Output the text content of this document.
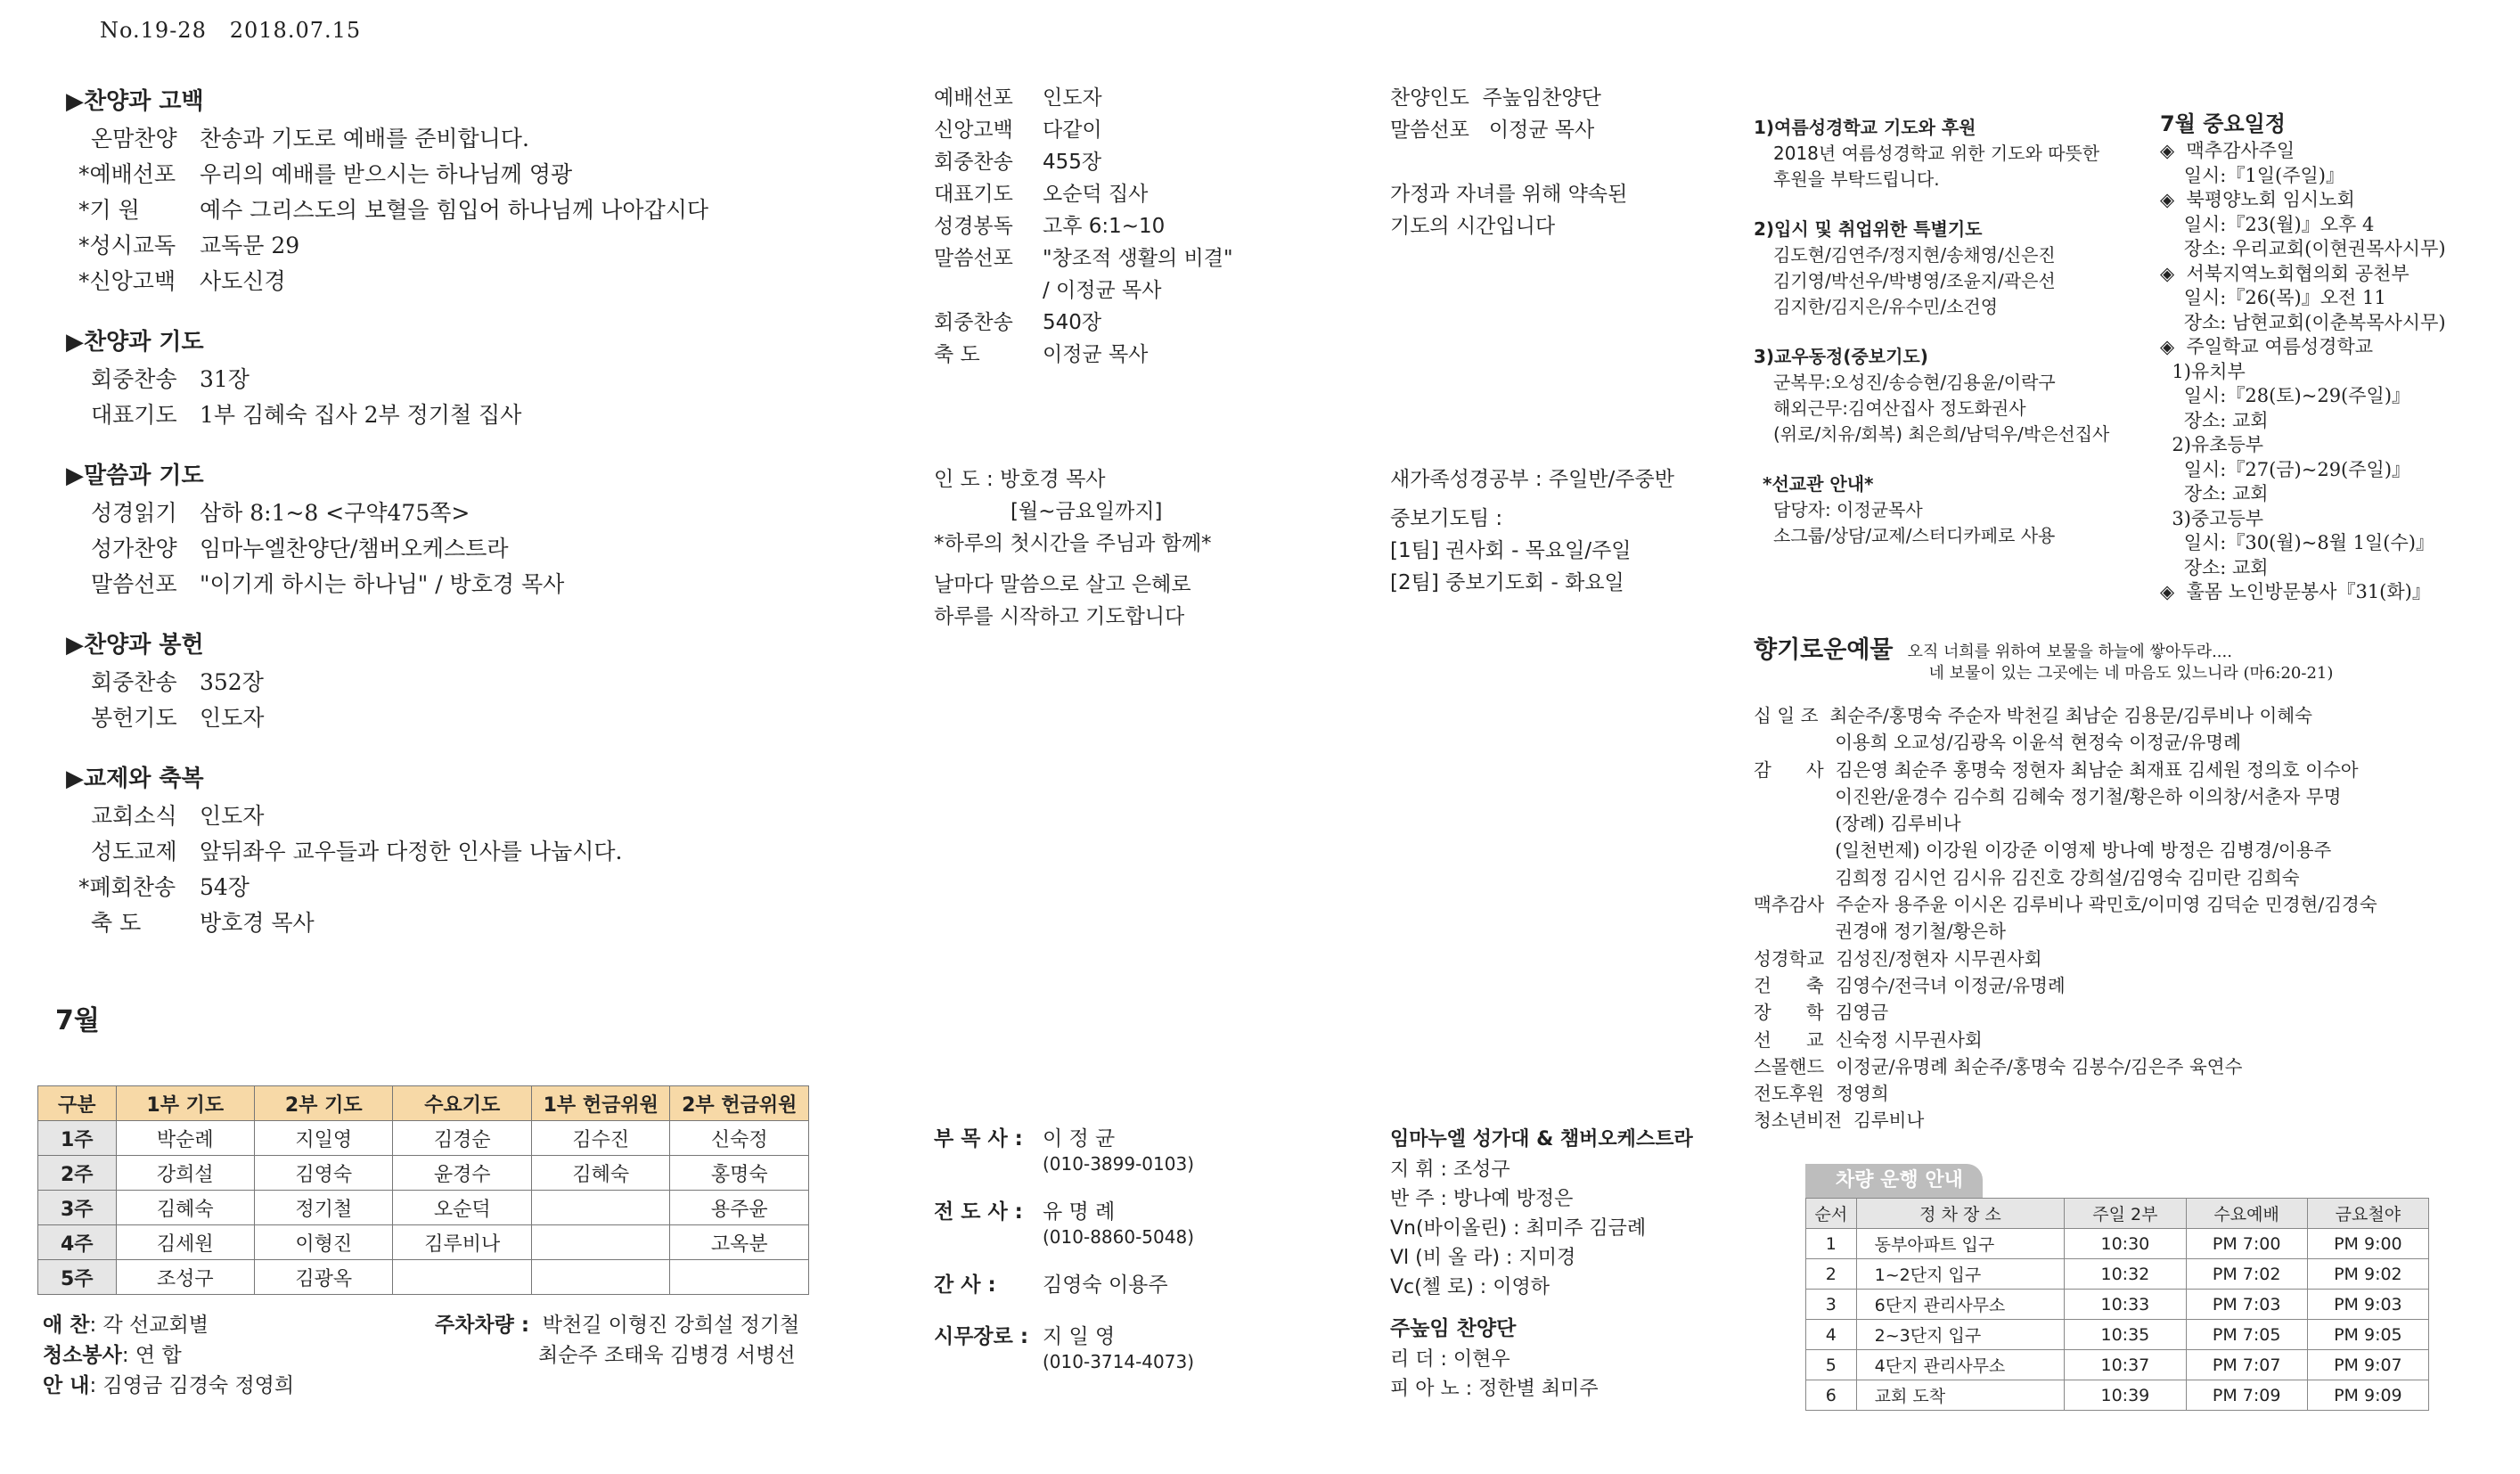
No.19-28 2018.07.15
▶찬양과 고백
온맘찬양	찬송과 기도로 예배를 준비합니다.
*예배선포	우리의 예배를 받으시는 하나님께 영광
*기 원	예수 그리스도의 보혈을 힘입어 하나님께 나아갑시다
*성시교독	교독문 29
*신앙고백	사도신경
▶찬양과 기도
회중찬송	31장
대표기도	1부 김혜숙 집사 2부 정기철 집사
▶말씀과 기도
성경읽기	삼하 8:1~8 <구약475쪽>
성가찬양	임마누엘찬양단/챔버오케스트라
말씀선포	"이기게 하시는 하나님" / 방호경 목사
▶찬양과 봉헌
회중찬송	352장
봉헌기도	인도자
▶교제와 축복
교회소식	인도자
성도교제	앞뒤좌우 교우들과 다정한 인사를 나눕시다.
*폐회찬송	54장
축 도	방호경 목사
7월
구분	1부 기도	2부 기도	수요기도	1부 헌금위원	2부 헌금위원
1주	박순례	지일영	김경순	김수진	신숙정
2주	강희설	김영숙	윤경수	김혜숙	홍명숙
3주	김혜숙	정기철	오순덕		용주윤
4주	김세원	이형진	김루비나		고옥분
5주	조성구	김광옥			
애 찬: 각 선교회별
청소봉사: 연 합
안 내: 김영금 김경숙 정영희
주차차량 : 박천길 이형진 강희설 정기철
최순주 조태욱 김병경 서병선
예배선포	인도자
신앙고백	다같이
회중찬송	455장
대표기도	오순덕 집사
성경봉독	고후 6:1~10
말씀선포	"창조적 생활의 비결"
/ 이정균 목사
회중찬송	540장
축 도	이정균 목사
인 도 : 방호경 목사
[월~금요일까지]
*하루의 첫시간을 주님과 함께*
날마다 말씀으로 살고 은혜로
하루를 시작하고 기도합니다
부 목 사 : 이 정 균
(010-3899-0103)
전 도 사 : 유 명 례
(010-8860-5048)
간 사 :	김영숙 이용주
시무장로 : 지 일 영
(010-3714-4073)
찬양인도 주높임찬양단
말씀선포 이정균 목사
가정과 자녀를 위해 약속된
기도의 시간입니다
새가족성경공부 : 주일반/주중반
중보기도팀 :
[1팀] 권사회 - 목요일/주일
[2팀] 중보기도회 - 화요일
임마누엘 성가대 & 챔버오케스트라
지 휘 : 조성구
반 주 : 방나예 방정은
Vn(바이올린) : 최미주 김금례
Vl (비 올 라) : 지미경
Vc(첼 로) : 이영하
주높임 찬양단
리 더 : 이현우
피 아 노 : 정한별 최미주
1)여름성경학교 기도와 후원
2018년 여름성경학교 위한 기도와 따뜻한
후원을 부탁드립니다.
2)입시 및 취업위한 특별기도
김도현/김연주/정지현/송채영/신은진
김기영/박선우/박병영/조윤지/곽은선
김지한/김지은/유수민/소건영
3)교우동정(중보기도)
군복무:오성진/송승현/김용윤/이락구
해외근무:김여산집사 정도화권사
(위로/치유/회복) 최은희/남덕우/박은선집사
*선교관 안내*
담당자: 이정균목사
소그룹/상담/교제/스터디카페로 사용
7월 중요일정
◈  맥추감사주일
일시:『1일(주일)』
◈  북평양노회 임시노회
일시:『23(월)』오후 4
장소: 우리교회(이현권목사시무)
◈  서북지역노회협의회 공천부
일시:『26(목)』오전 11
장소: 남현교회(이춘복목사시무)
◈  주일학교 여름성경학교
1)유치부
일시:『28(토)~29(주일)』
장소: 교회
2)유초등부
일시:『27(금)~29(주일)』
장소: 교회
3)중고등부
일시:『30(월)~8월 1일(수)』
장소: 교회
◈  훌몸 노인방문봉사『31(화)』
향기로운예물 오직 너희를 위하여 보물을 하늘에 쌓아두라....
네 보물이 있는 그곳에는 네 마음도 있느니라 (마6:20-21)
십 일 조  최순주/홍명숙 주순자 박천길 최남순 김용문/김루비나 이혜숙
이용희 오교성/김광옥 이윤석 현정숙 이정균/유명례
감      사  김은영 최순주 홍명숙 정현자 최남순 최재표 김세원 정의호 이수아
이진완/윤경수 김수희 김혜숙 정기철/황은하 이의창/서춘자 무명
(장례) 김루비나
(일천번제) 이강원 이강준 이영제 방나예 방정은 김병경/이용주
김희정 김시언 김시유 김진호 강희설/김영숙 김미란 김희숙
맥추감사  주순자 용주윤 이시온 김루비나 곽민호/이미영 김덕순 민경현/김경숙
권경애 정기철/황은하
성경학교  김성진/정현자 시무권사회
건      축  김영수/전극녀 이정균/유명례
장      학  김영금
선      교  신숙정 시무권사회
스몰핸드  이정균/유명례 최순주/홍명숙 김봉수/김은주 육연수
전도후원  정영희
청소년비전  김루비나
차량 운행 안내
순서	정 차 장 소	주일 2부	수요예배	금요철야
1	동부아파트 입구	10:30	PM 7:00	PM 9:00
2	1~2단지 입구	10:32	PM 7:02	PM 9:02
3	6단지 관리사무소	10:33	PM 7:03	PM 9:03
4	2~3단지 입구	10:35	PM 7:05	PM 9:05
5	4단지 관리사무소	10:37	PM 7:07	PM 9:07
6	교회 도착	10:39	PM 7:09	PM 9:09
